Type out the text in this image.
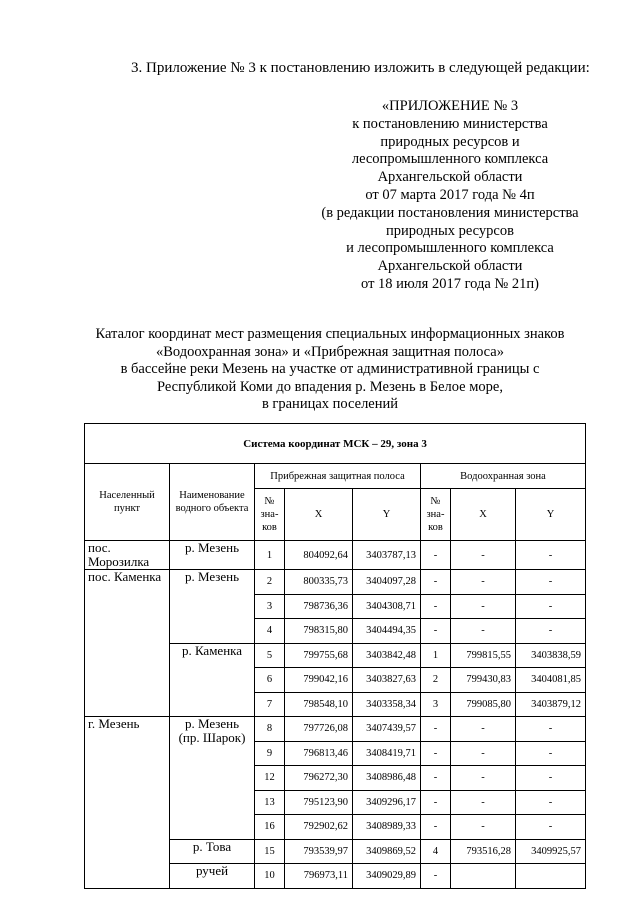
3. Приложение № 3 к постановлению изложить в следующей редакции:
«ПРИЛОЖЕНИЕ № 3
к постановлению министерства
природных ресурсов и
лесопромышленного комплекса
Архангельской области
от 07 марта 2017 года № 4п
(в редакции постановления министерства
природных ресурсов
и лесопромышленного комплекса
Архангельской области
от 18 июля 2017 года № 21п)
Каталог координат мест размещения специальных информационных знаков
«Водоохранная зона» и «Прибрежная защитная полоса»
в бассейне реки Мезень на участке от административной границы с
Республикой Коми до впадения р. Мезень в Белое море,
в границах поселений
Система координат МСК – 29, зона 3							
Населенный пункт	Наименование водного объекта	Прибрежная защитная полоса			Водоохранная зона		
		№ зна-ков	X	Y	№ зна-ков	X	Y
пос. Морозилка	р. Мезень	1	804092,64	3403787,13	-	-	-
пос. Каменка	р. Мезень	2	800335,73	3404097,28	-	-	-
		3	798736,36	3404308,71	-	-	-
		4	798315,80	3404494,35	-	-	-
	р. Каменка	5	799755,68	3403842,48	1	799815,55	3403838,59
		6	799042,16	3403827,63	2	799430,83	3404081,85
		7	798548,10	3403358,34	3	799085,80	3403879,12
г. Мезень	р. Мезень (пр. Шарок)	8	797726,08	3407439,57	-	-	-
		9	796813,46	3408419,71	-	-	-
		12	796272,30	3408986,48	-	-	-
		13	795123,90	3409296,17	-	-	-
		16	792902,62	3408989,33	-	-	-
	р. Това	15	793539,97	3409869,52	4	793516,28	3409925,57
	ручей	10	796973,11	3409029,89	-		
